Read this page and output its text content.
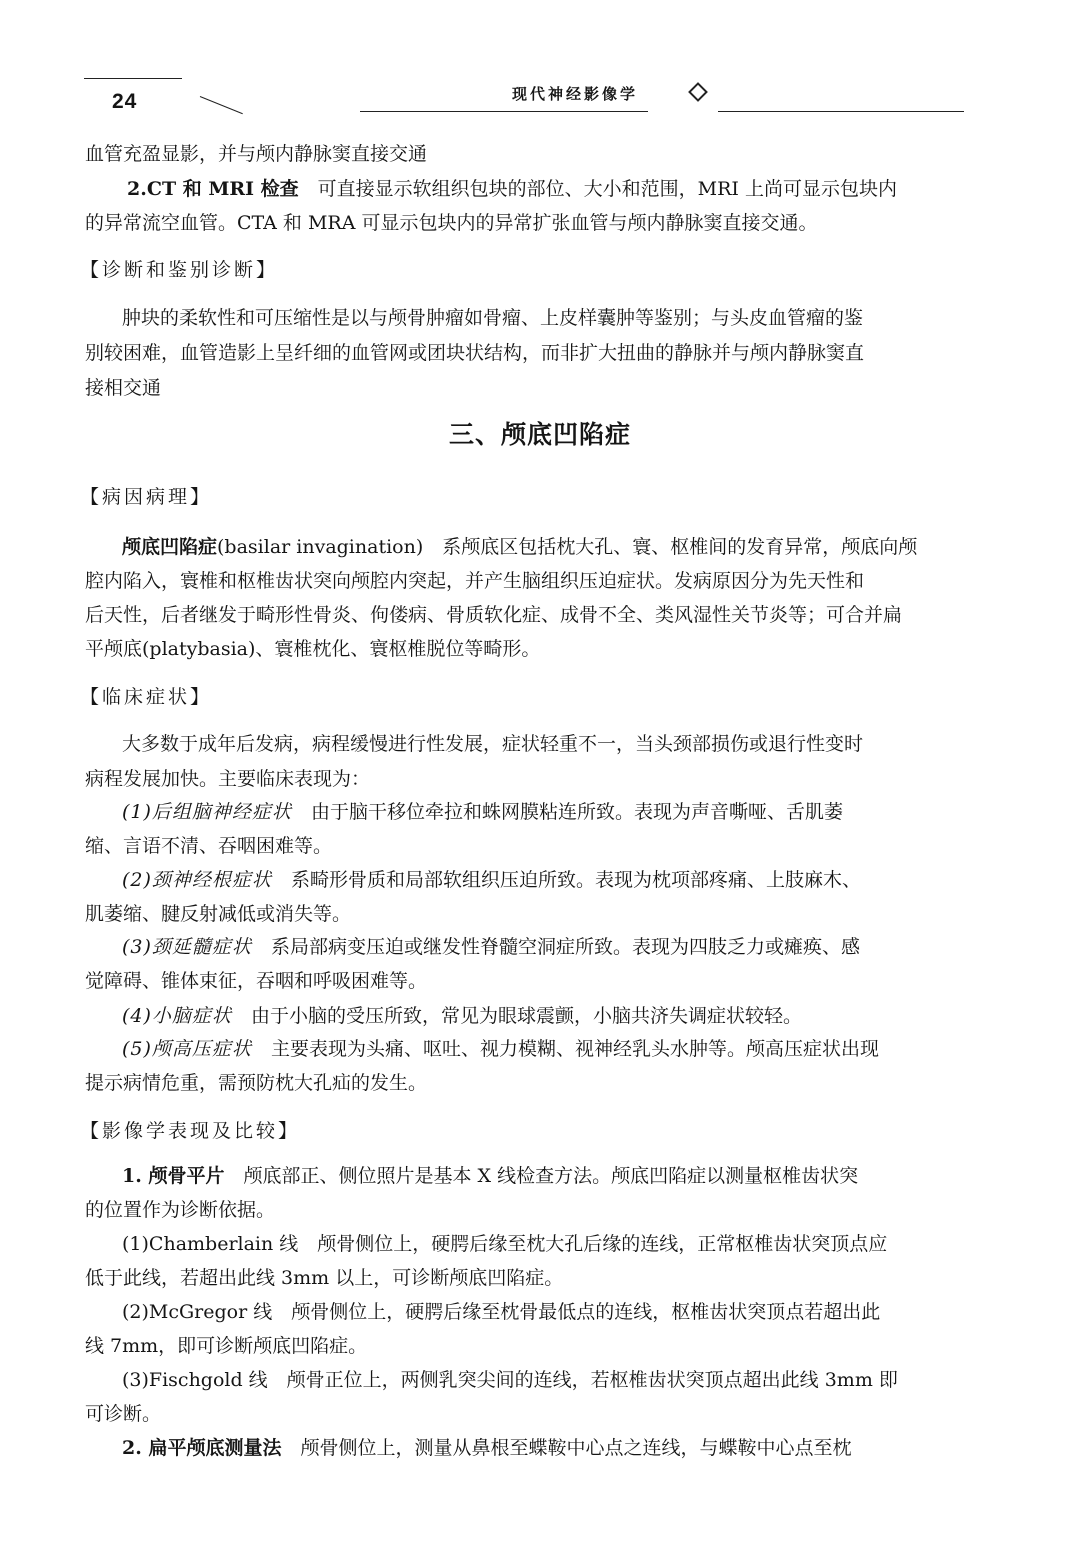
24	现代神经影像学
血管充盈显影，并与颅内静脉窦直接交通
2.CT 和 MRI 检查　 可直接显示软组织包块的部位、大小和范围，MRI 上尚可显示包块内
的异常流空血管。CTA 和 MRA 可显示包块内的异常扩张血管与颅内静脉窦直接交通。
【诊断和鉴别诊断】
肿块的柔软性和可压缩性是以与颅骨肿瘤如骨瘤、上皮样囊肿等鉴别；与头皮血管瘤的鉴
别较困难，血管造影上呈纤细的血管网或团块状结构，而非扩大扭曲的静脉并与颅内静脉窦直
接相交通
三、颅底凹陷症
【病因病理】
颅底凹陷症(basilar invagination)　系颅底区包括枕大孔、寰、枢椎间的发育异常，颅底向颅
腔内陷入，寰椎和枢椎齿状突向颅腔内突起，并产生脑组织压迫症状。发病原因分为先天性和
后天性，后者继发于畸形性骨炎、佝偻病、骨质软化症、成骨不全、类风湿性关节炎等；可合并扁
平颅底(platybasia)、寰椎枕化、寰枢椎脱位等畸形。
【临床症状】
大多数于成年后发病，病程缓慢进行性发展，症状轻重不一，当头颈部损伤或退行性变时
病程发展加快。主要临床表现为：
(1)后组脑神经症状　 由于脑干移位牵拉和蛛网膜粘连所致。表现为声音嘶哑、舌肌萎
缩、言语不清、吞咽困难等。
(2)颈神经根症状　 系畸形骨质和局部软组织压迫所致。表现为枕项部疼痛、上肢麻木、
肌萎缩、腱反射减低或消失等。
(3)颈延髓症状　 系局部病变压迫或继发性脊髓空洞症所致。表现为四肢乏力或瘫痪、感
觉障碍、锥体束征，吞咽和呼吸困难等。
(4)小脑症状　 由于小脑的受压所致，常见为眼球震颤，小脑共济失调症状较轻。
(5)颅高压症状　 主要表现为头痛、呕吐、视力模糊、视神经乳头水肿等。颅高压症状出现
提示病情危重，需预防枕大孔疝的发生。
【影像学表现及比较】
1. 颅骨平片　 颅底部正、侧位照片是基本 X 线检查方法。颅底凹陷症以测量枢椎齿状突
的位置作为诊断依据。
(1)Chamberlain 线　颅骨侧位上，硬腭后缘至枕大孔后缘的连线，正常枢椎齿状突顶点应
低于此线，若超出此线 3mm 以上，可诊断颅底凹陷症。
(2)McGregor 线　颅骨侧位上，硬腭后缘至枕骨最低点的连线，枢椎齿状突顶点若超出此
线 7mm，即可诊断颅底凹陷症。
(3)Fischgold 线　颅骨正位上，两侧乳突尖间的连线，若枢椎齿状突顶点超出此线 3mm 即
可诊断。
2. 扁平颅底测量法　 颅骨侧位上，测量从鼻根至蝶鞍中心点之连线，与蝶鞍中心点至枕
